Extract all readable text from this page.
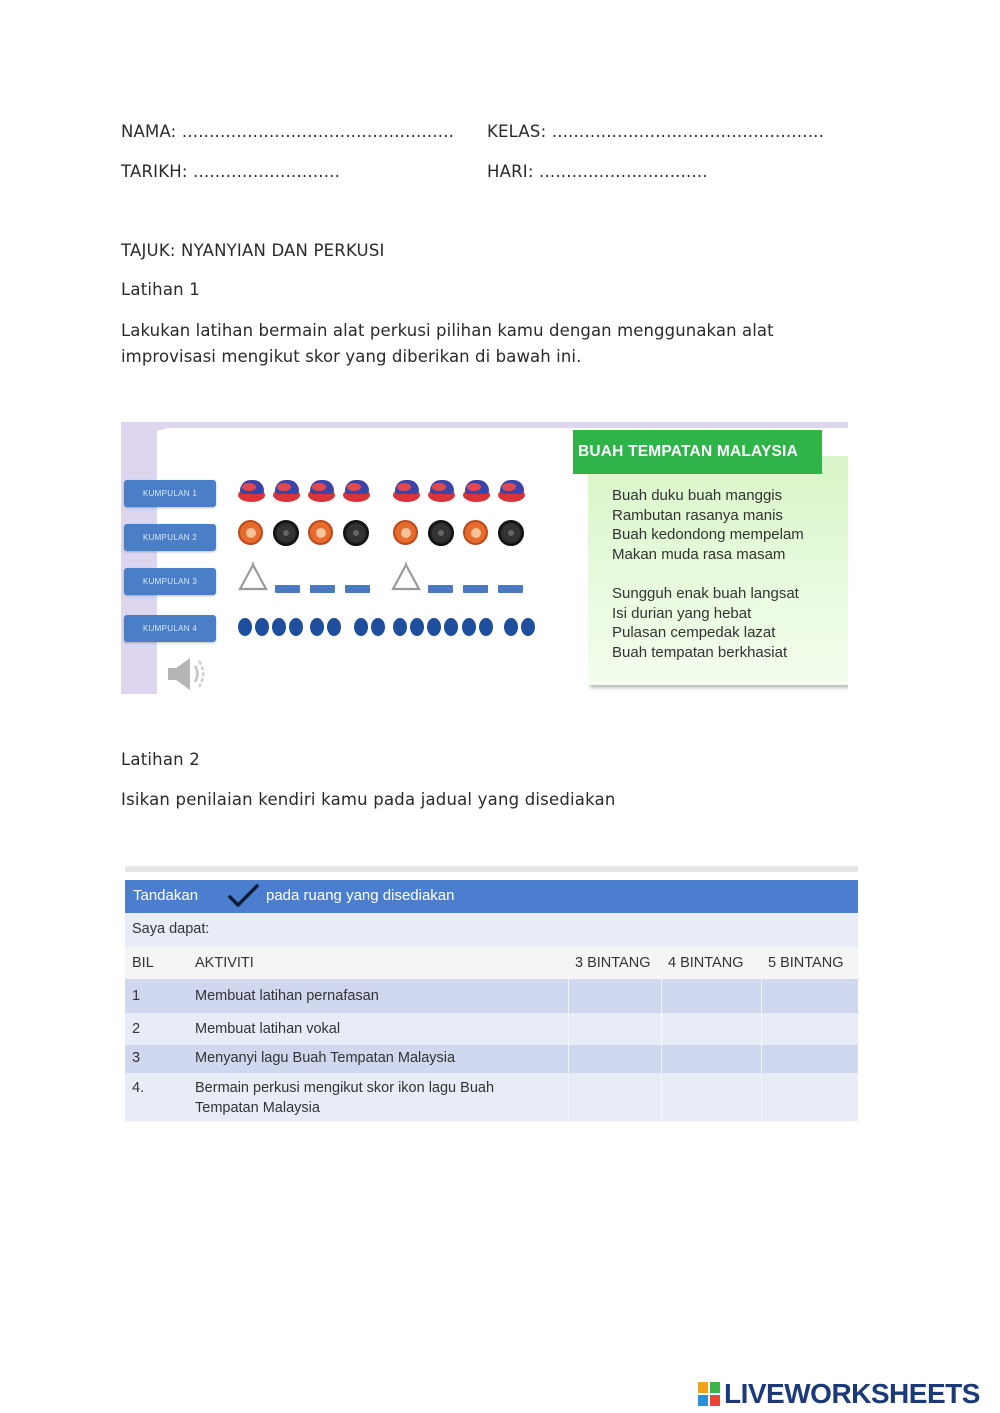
NAMA: .................................................. KELAS: ..................................................
TARIKH: ...........................	HARI: ...............................
TAJUK: NYANYIAN DAN PERKUSI
Latihan 1
Lakukan latihan bermain alat perkusi pilihan kamu dengan menggunakan alat
improvisasi mengikut skor yang diberikan di bawah ini.
KUMPULAN 1
KUMPULAN 2
KUMPULAN 3
KUMPULAN 4
BUAH TEMPATAN MALAYSIA
Buah duku buah manggis
Rambutan rasanya manis
Buah kedondong mempelam
Makan muda rasa masam
Sungguh enak buah langsat
Isi durian yang hebat
Pulasan cempedak lazat
Buah tempatan berkhasiat
Latihan 2
Isikan penilaian kendiri kamu pada jadual yang disediakan
Tandakan	pada ruang yang disediakan
Saya dapat:
BIL	AKTIVITI	3 BINTANG 4 BINTANG 5 BINTANG
1	Membuat latihan pernafasan
2	Membuat latihan vokal
3	Menyanyi lagu Buah Tempatan Malaysia
4.	Bermain perkusi mengikut skor ikon lagu Buah
Tempatan Malaysia
LIVEWORKSHEETS
